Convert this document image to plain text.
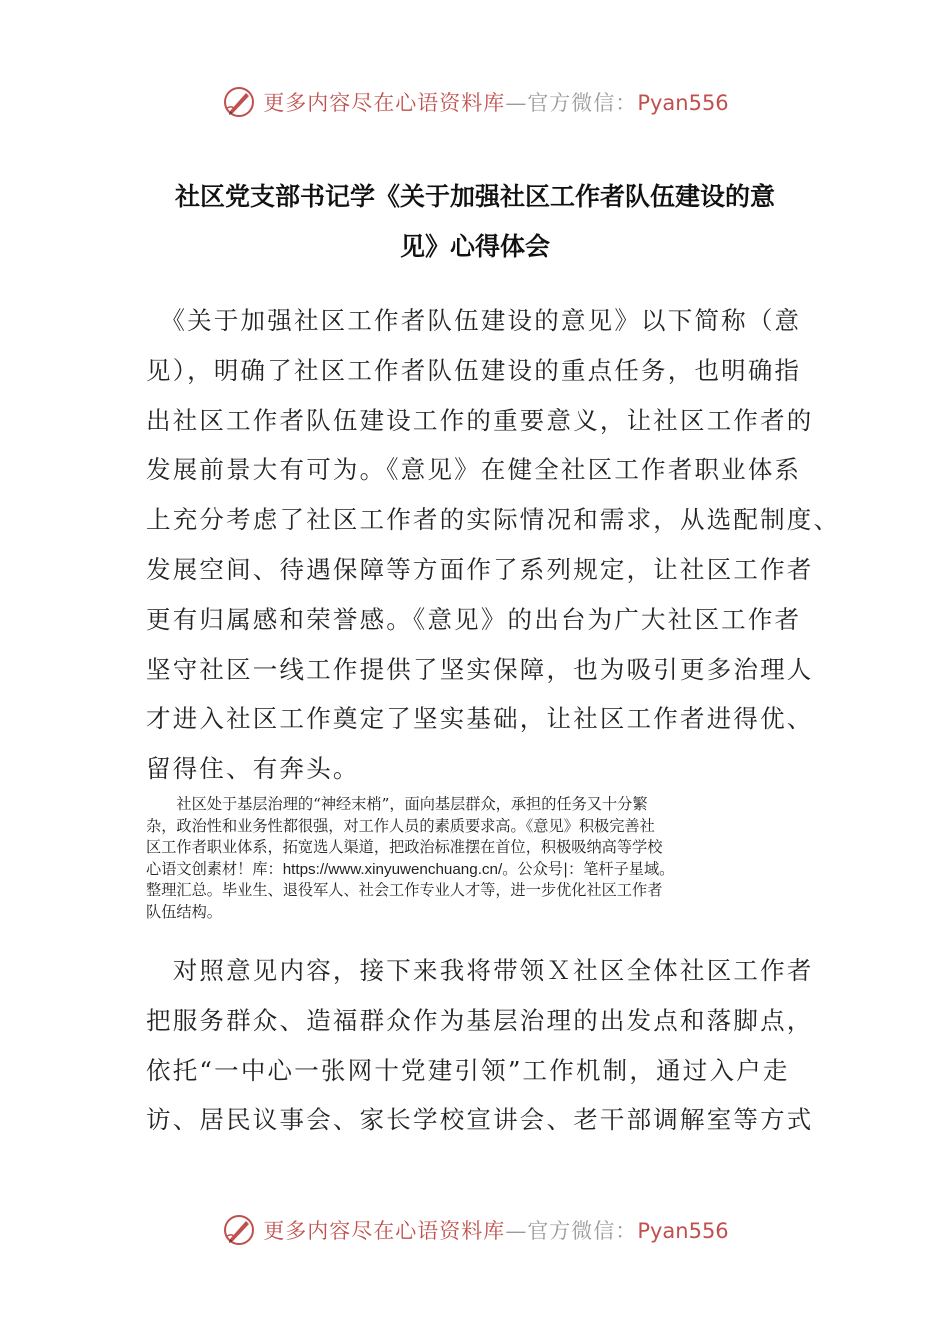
更多内容尽在心语资料库—官方微信：Pyan556
社区党支部书记学《关于加强社区工作者队伍建设的意
见》心得体会
　《关于加强社区工作者队伍建设的意见》以下简称（意
见），明确了社区工作者队伍建设的重点任务，也明确指
出社区工作者队伍建设工作的重要意义，让社区工作者的
发展前景大有可为。《意见》在健全社区工作者职业体系
上充分考虑了社区工作者的实际情况和需求，从选配制度、
发展空间、待遇保障等方面作了系列规定，让社区工作者
更有归属感和荣誉感。《意见》的出台为广大社区工作者
坚守社区一线工作提供了坚实保障，也为吸引更多治理人
才进入社区工作奠定了坚实基础，让社区工作者进得优、
留得住、有奔头。
　　社区处于基层治理的“神经末梢”，面向基层群众，承担的任务又十分繁
杂，政治性和业务性都很强，对工作人员的素质要求高。《意见》积极完善社
区工作者职业体系，拓宽选人渠道，把政治标准摆在首位，积极吸纳高等学校
心语文创素材！库：https://www.xinyuwenchuang.cn/。公众号|：笔杆子星域。
整理汇总。毕业生、退役军人、社会工作专业人才等，进一步优化社区工作者
队伍结构。
　对照意见内容，接下来我将带领Ｘ社区全体社区工作者
把服务群众、造福群众作为基层治理的出发点和落脚点，
依托“一中心一张网十党建引领”工作机制，通过入户走
访、居民议事会、家长学校宣讲会、老干部调解室等方式
更多内容尽在心语资料库—官方微信：Pyan556
